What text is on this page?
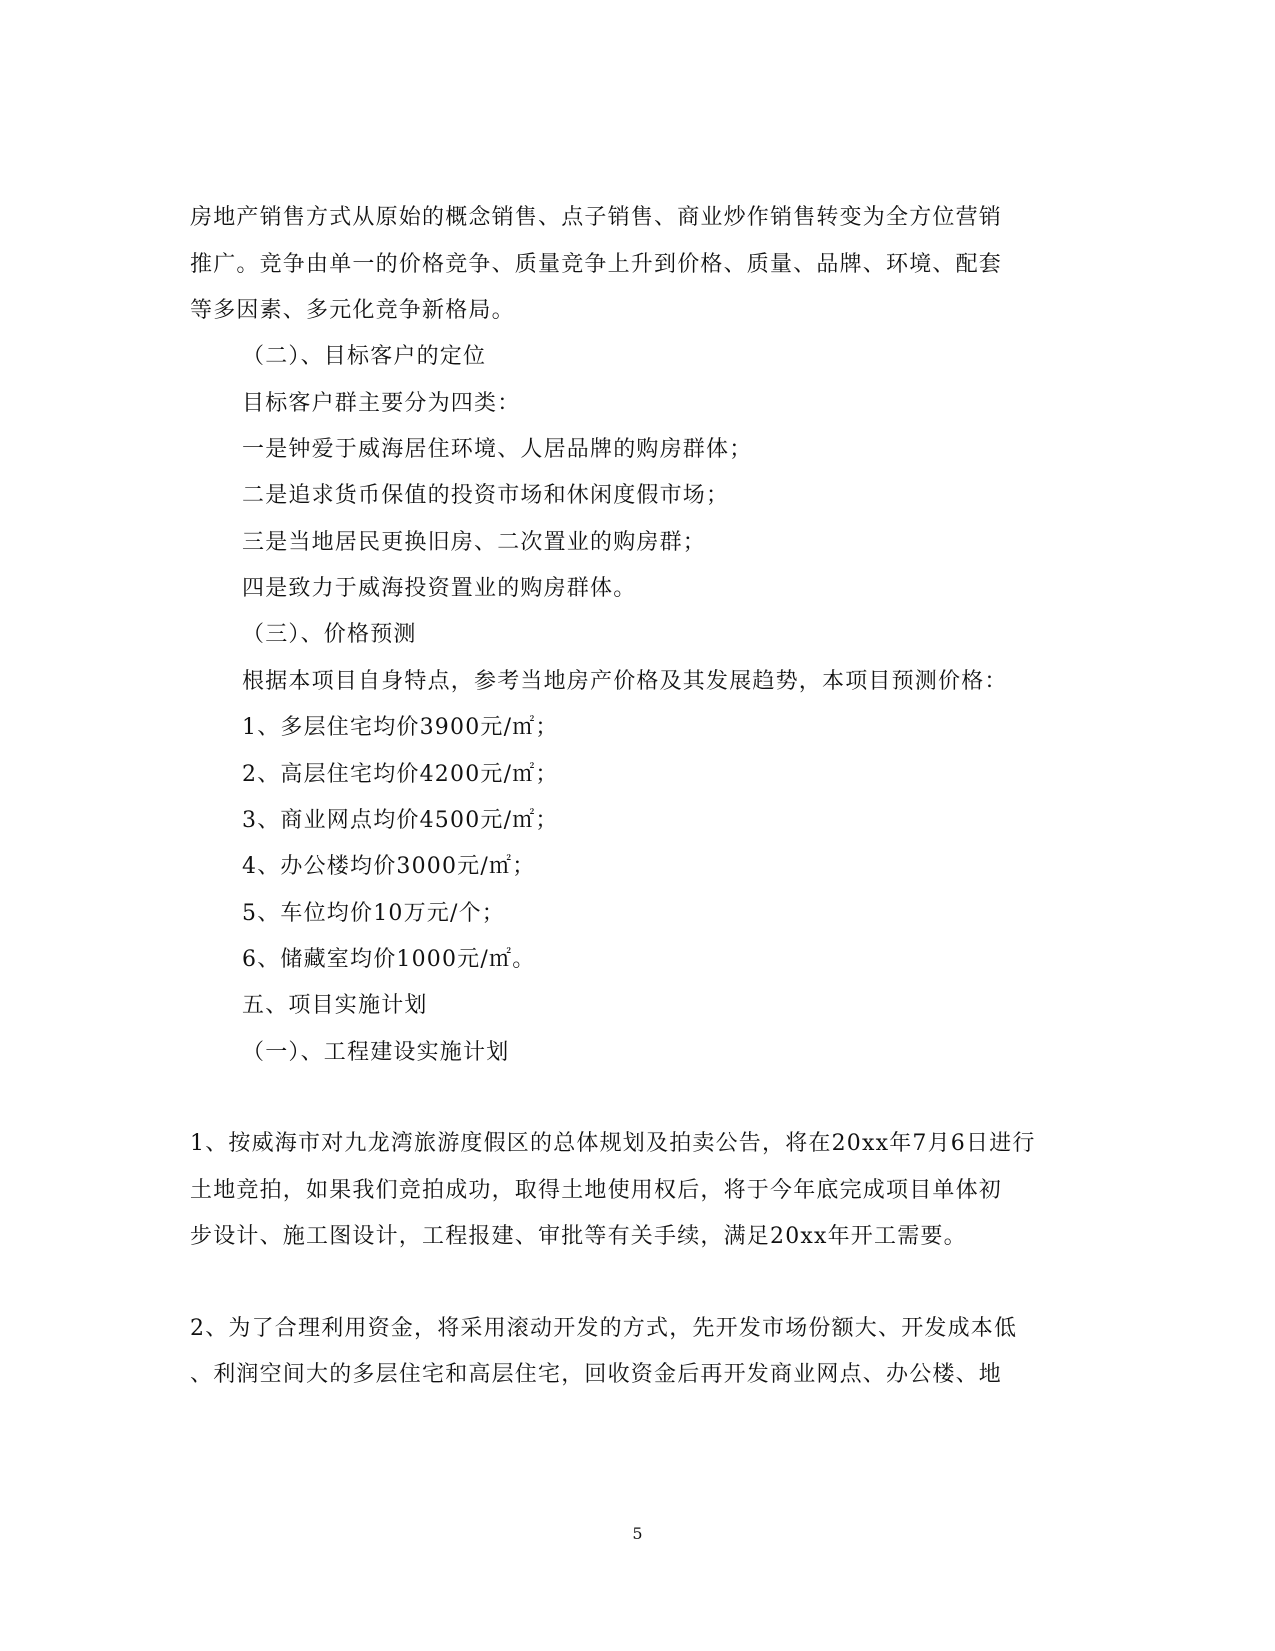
房地产销售方式从原始的概念销售、点子销售、商业炒作销售转变为全方位营销
推广。竞争由单一的价格竞争、质量竞争上升到价格、质量、品牌、环境、配套
等多因素、多元化竞争新格局。
（二）、目标客户的定位
目标客户群主要分为四类：
一是钟爱于威海居住环境、人居品牌的购房群体；
二是追求货币保值的投资市场和休闲度假市场；
三是当地居民更换旧房、二次置业的购房群；
四是致力于威海投资置业的购房群体。
（三）、价格预测
根据本项目自身特点，参考当地房产价格及其发展趋势，本项目预测价格：
1、多层住宅均价3900元/㎡；
2、高层住宅均价4200元/㎡；
3、商业网点均价4500元/㎡；
4、办公楼均价3000元/㎡；
5、车位均价10万元/个；
6、储藏室均价1000元/㎡。
五、项目实施计划
（一）、工程建设实施计划
1、按威海市对九龙湾旅游度假区的总体规划及拍卖公告，将在20xx年7月6日进行
土地竞拍，如果我们竞拍成功，取得土地使用权后，将于今年底完成项目单体初
步设计、施工图设计，工程报建、审批等有关手续，满足20xx年开工需要。
2、为了合理利用资金，将采用滚动开发的方式，先开发市场份额大、开发成本低
、利润空间大的多层住宅和高层住宅，回收资金后再开发商业网点、办公楼、地
5
